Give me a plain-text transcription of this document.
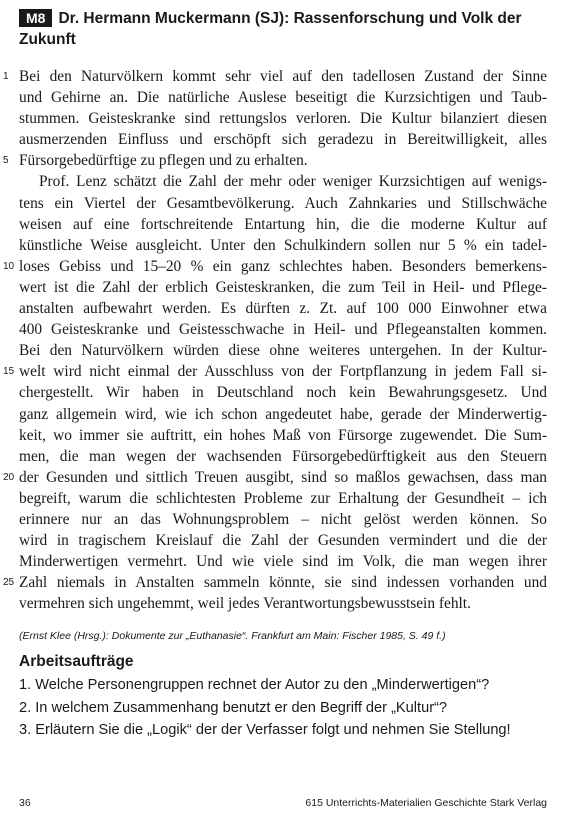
M8 Dr. Hermann Muckermann (SJ): Rassenforschung und Volk der Zukunft
1 Bei den Naturvölkern kommt sehr viel auf den tadellosen Zustand der Sinne
und Gehirne an. Die natürliche Auslese beseitigt die Kurzsichtigen und Taub-
stummen. Geisteskranke sind rettungslos verloren. Die Kultur bilanziert diesen
ausmerzenden Einfluss und erschöpft sich geradezu in Bereitwilligkeit, alles
5 Fürsorgebedürftige zu pflegen und zu erhalten.
Prof. Lenz schätzt die Zahl der mehr oder weniger Kurzsichtigen auf wenigs-
tens ein Viertel der Gesamtbevölkerung. Auch Zahnkaries und Stillschwäche
weisen auf eine fortschreitende Entartung hin, die die moderne Kultur auf
künstliche Weise ausgleicht. Unter den Schulkindern sollen nur 5 % ein tadel-
10 loses Gebiss und 15–20 % ein ganz schlechtes haben. Besonders bemerkens-
wert ist die Zahl der erblich Geisteskranken, die zum Teil in Heil- und Pflege-
anstalten aufbewahrt werden. Es dürften z. Zt. auf 100 000 Einwohner etwa
400 Geisteskranke und Geistesschwache in Heil- und Pflegeanstalten kommen.
Bei den Naturvölkern würden diese ohne weiteres untergehen. In der Kultur-
15 welt wird nicht einmal der Ausschluss von der Fortpflanzung in jedem Fall si-
chergestellt. Wir haben in Deutschland noch kein Bewahrungsgesetz. Und
ganz allgemein wird, wie ich schon angedeutet habe, gerade der Minderwertig-
keit, wo immer sie auftritt, ein hohes Maß von Fürsorge zugewendet. Die Sum-
men, die man wegen der wachsenden Fürsorgebedürftigkeit aus den Steuern
20 der Gesunden und sittlich Treuen ausgibt, sind so maßlos gewachsen, dass man
begreift, warum die schlichtesten Probleme zur Erhaltung der Gesundheit – ich
erinnere nur an das Wohnungsproblem – nicht gelöst werden können. So
wird in tragischem Kreislauf die Zahl der Gesunden vermindert und die der
Minderwertigen vermehrt. Und wie viele sind im Volk, die man wegen ihrer
25 Zahl niemals in Anstalten sammeln könnte, sie sind indessen vorhanden und
vermehren sich ungehemmt, weil jedes Verantwortungsbewusstsein fehlt.
(Ernst Klee (Hrsg.): Dokumente zur „Euthanasie“. Frankfurt am Main: Fischer 1985, S. 49 f.)
Arbeitsaufträge
1. Welche Personengruppen rechnet der Autor zu den „Minderwertigen“?
2. In welchem Zusammenhang benutzt er den Begriff der „Kultur“?
3. Erläutern Sie die „Logik“ der der Verfasser folgt und nehmen Sie Stellung!
36	615 Unterrichts-Materialien Geschichte Stark Verlag
